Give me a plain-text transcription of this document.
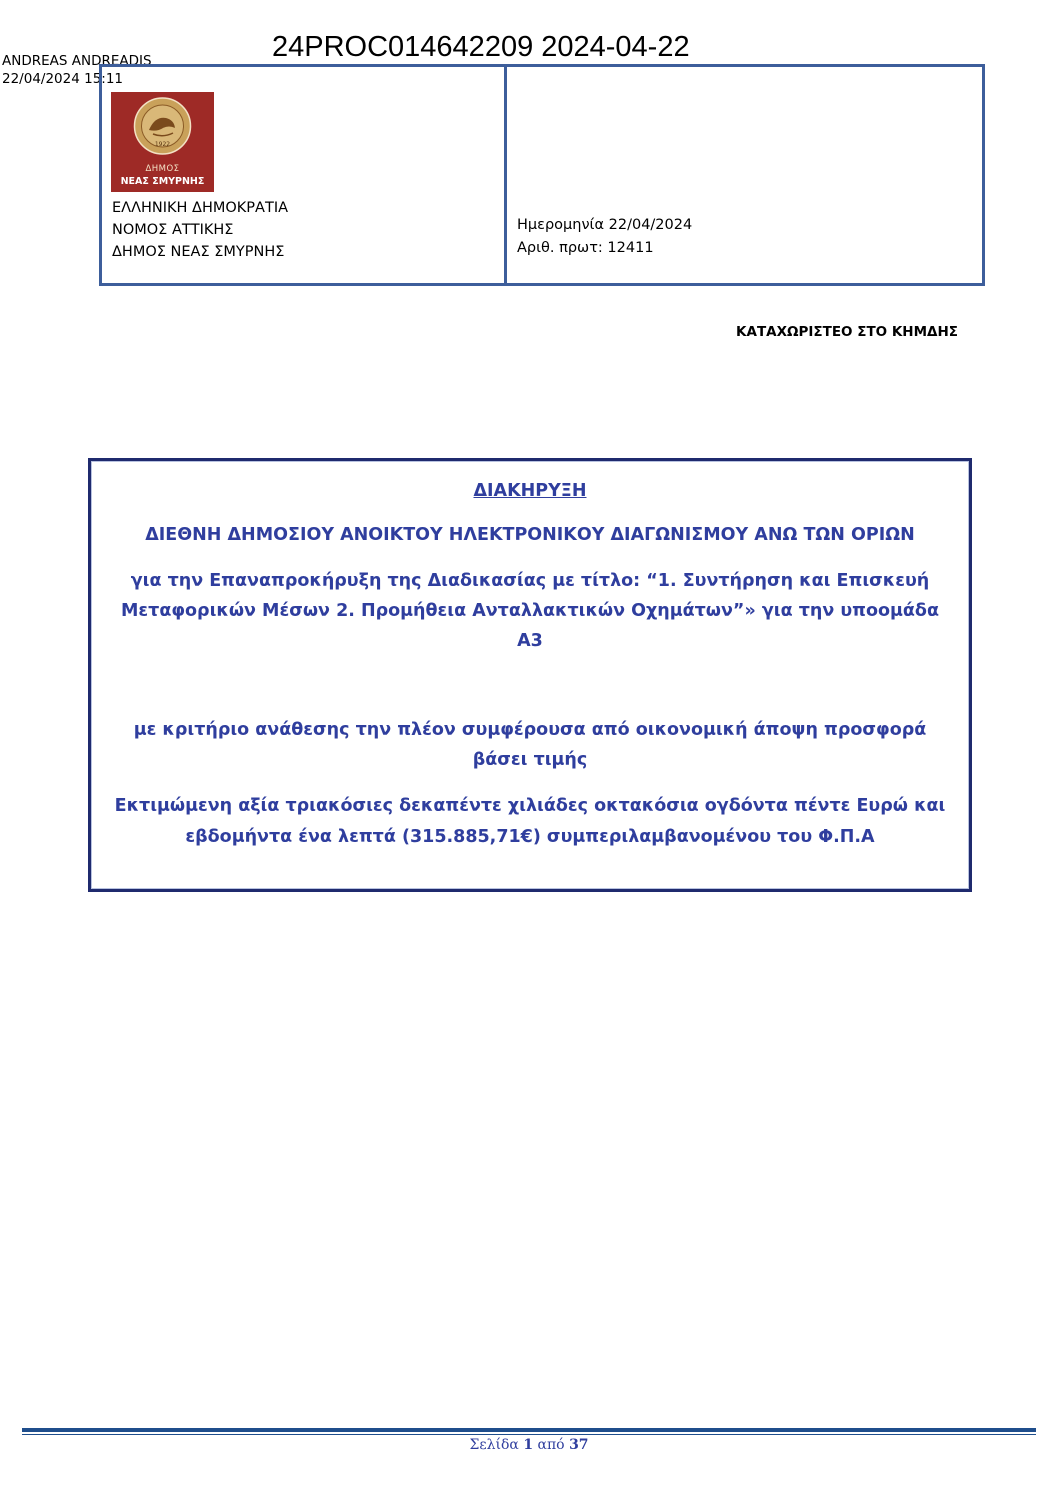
ANDREAS ANDREADIS
22/04/2024 15:11
24PROC014642209 2024-04-22
1922
ΔΗΜΟΣ
ΝΕΑΣ ΣΜΥΡΝΗΣ
ΕΛΛΗΝΙΚΗ ΔΗΜΟΚΡΑΤΙΑ
ΝΟΜΟΣ ΑΤΤΙΚΗΣ
ΔΗΜΟΣ ΝΕΑΣ ΣΜΥΡΝΗΣ
Ημερομηνία 22/04/2024
Αριθ. πρωτ: 12411
ΚΑΤΑΧΩΡΙΣΤΕΟ ΣΤΟ ΚΗΜΔΗΣ
ΔΙΑΚΗΡΥΞΗ
ΔΙΕΘΝΗ ΔΗΜΟΣΙΟΥ ΑΝΟΙΚΤΟΥ ΗΛΕΚΤΡΟΝΙΚΟΥ ΔΙΑΓΩΝΙΣΜΟΥ ΑΝΩ ΤΩΝ ΟΡΙΩΝ
για την Επαναπροκήρυξη της Διαδικασίας με τίτλο: “1. Συντήρηση και Επισκευή Μεταφορικών Μέσων 2. Προμήθεια Ανταλλακτικών Οχημάτων”» για την υποομάδα Α3
με κριτήριο ανάθεσης την πλέον συμφέρουσα από οικονομική άποψη προσφορά βάσει τιμής
Εκτιμώμενη αξία τριακόσιες δεκαπέντε χιλιάδες οκτακόσια ογδόντα πέντε Ευρώ και εβδομήντα ένα λεπτά (315.885,71€) συμπεριλαμβανομένου του Φ.Π.Α
Σελίδα 1 από 37
